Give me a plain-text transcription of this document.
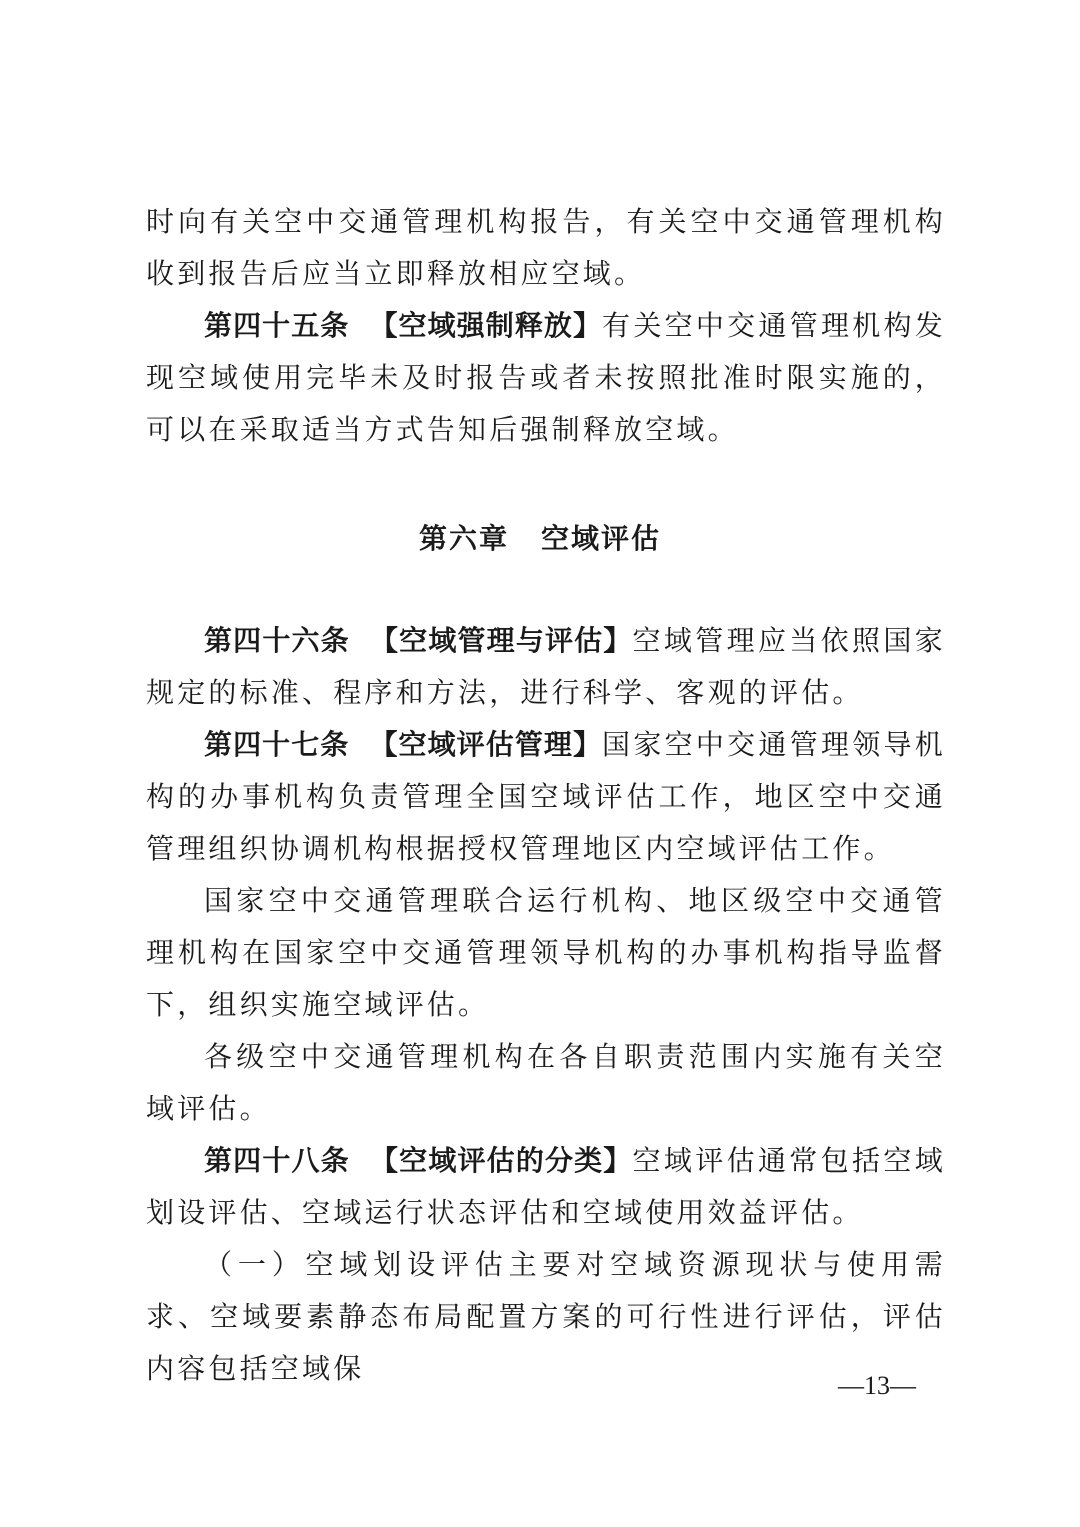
时向有关空中交通管理机构报告，有关空中交通管理机构收到报告后应当立即释放相应空域。

第四十五条 【空域强制释放】有关空中交通管理机构发现空域使用完毕未及时报告或者未按照批准时限实施的，可以在采取适当方式告知后强制释放空域。

第六章 空域评估

第四十六条 【空域管理与评估】空域管理应当依照国家规定的标准、程序和方法，进行科学、客观的评估。

第四十七条 【空域评估管理】国家空中交通管理领导机构的办事机构负责管理全国空域评估工作，地区空中交通管理组织协调机构根据授权管理地区内空域评估工作。

国家空中交通管理联合运行机构、地区级空中交通管理机构在国家空中交通管理领导机构的办事机构指导监督下，组织实施空域评估。

各级空中交通管理机构在各自职责范围内实施有关空域评估。

第四十八条 【空域评估的分类】空域评估通常包括空域划设评估、空域运行状态评估和空域使用效益评估。

（一）空域划设评估主要对空域资源现状与使用需求、空域要素静态布局配置方案的可行性进行评估，评估内容包括空域保

—13—
